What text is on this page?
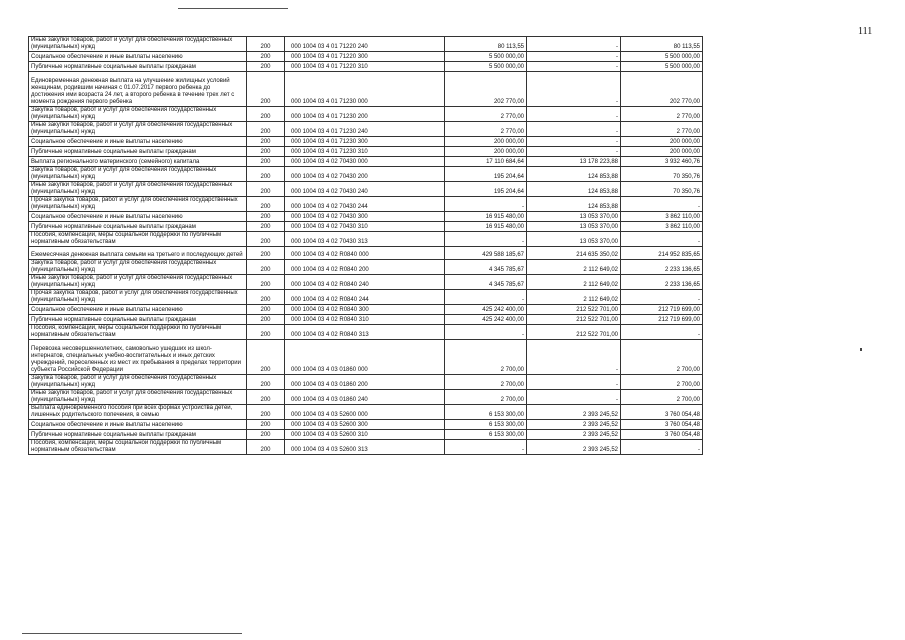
111
Иные закупки товаров, работ и услуг для обеспечения государственных (муниципальных) нужд	200	000 1004 03 4 01 71220 240	80 113,55	-	80 113,55
Социальное обеспечение и иные выплаты населению	200	000 1004 03 4 01 71220 300	5 500 000,00	-	5 500 000,00
Публичные нормативные социальные выплаты гражданам	200	000 1004 03 4 01 71220 310	5 500 000,00	-	5 500 000,00
Единовременная денежная выплата на улучшение жилищных условий женщинам, родившим начиная с 01.07.2017 первого ребенка до достижения ими возраста 24 лет, а второго ребенка в течение трех лет с момента рождения первого ребенка	200	000 1004 03 4 01 71230 000	202 770,00	-	202 770,00
Закупка товаров, работ и услуг для обеспечения государственных (муниципальных) нужд	200	000 1004 03 4 01 71230 200	2 770,00	-	2 770,00
Иные закупки товаров, работ и услуг для обеспечения государственных (муниципальных) нужд	200	000 1004 03 4 01 71230 240	2 770,00	-	2 770,00
Социальное обеспечение и иные выплаты населению	200	000 1004 03 4 01 71230 300	200 000,00	-	200 000,00
Публичные нормативные социальные выплаты гражданам	200	000 1004 03 4 01 71230 310	200 000,00	-	200 000,00
Выплата регионального материнского (семейного) капитала	200	000 1004 03 4 02 70430 000	17 110 684,64	13 178 223,88	3 932 460,76
Закупка товаров, работ и услуг для обеспечения государственных (муниципальных) нужд	200	000 1004 03 4 02 70430 200	195 204,64	124 853,88	70 350,76
Иные закупки товаров, работ и услуг для обеспечения государственных (муниципальных) нужд	200	000 1004 03 4 02 70430 240	195 204,64	124 853,88	70 350,76
Прочая закупка товаров, работ и услуг для обеспечения государственных (муниципальных) нужд	200	000 1004 03 4 02 70430 244	-	124 853,88	-
Социальное обеспечение и иные выплаты населению	200	000 1004 03 4 02 70430 300	16 915 480,00	13 053 370,00	3 862 110,00
Публичные нормативные социальные выплаты гражданам	200	000 1004 03 4 02 70430 310	16 915 480,00	13 053 370,00	3 862 110,00
Пособия, компенсации, меры социальной поддержки по публичным нормативным обязательствам	200	000 1004 03 4 02 70430 313	-	13 053 370,00	-
Ежемесячная денежная выплата семьям на третьего и последующих детей	200	000 1004 03 4 02 R0840 000	429 588 185,67	214 635 350,02	214 952 835,65
Закупка товаров, работ и услуг для обеспечения государственных (муниципальных) нужд	200	000 1004 03 4 02 R0840 200	4 345 785,67	2 112 649,02	2 233 136,65
Иные закупки товаров, работ и услуг для обеспечения государственных (муниципальных) нужд	200	000 1004 03 4 02 R0840 240	4 345 785,67	2 112 649,02	2 233 136,65
Прочая закупка товаров, работ и услуг для обеспечения государственных (муниципальных) нужд	200	000 1004 03 4 02 R0840 244	-	2 112 649,02	-
Социальное обеспечение и иные выплаты населению	200	000 1004 03 4 02 R0840 300	425 242 400,00	212 522 701,00	212 719 699,00
Публичные нормативные социальные выплаты гражданам	200	000 1004 03 4 02 R0840 310	425 242 400,00	212 522 701,00	212 719 699,00
Пособия, компенсации, меры социальной поддержки по публичным нормативным обязательствам	200	000 1004 03 4 02 R0840 313	-	212 522 701,00	-
Перевозка несовершеннолетних, самовольно ушедших из школ-интернатов, специальных учебно-воспитательных и иных детских учреждений, переселенных из мест их пребывания в пределах территории субъекта Российской Федерации	200	000 1004 03 4 03 01860 000	2 700,00	-	2 700,00
Закупка товаров, работ и услуг для обеспечения государственных (муниципальных) нужд	200	000 1004 03 4 03 01860 200	2 700,00	-	2 700,00
Иные закупки товаров, работ и услуг для обеспечения государственных (муниципальных) нужд	200	000 1004 03 4 03 01860 240	2 700,00	-	2 700,00
Выплата единовременного пособия при всех формах устройства детей, лишенных родительского попечения, в семью	200	000 1004 03 4 03 52600 000	6 153 300,00	2 393 245,52	3 760 054,48
Социальное обеспечение и иные выплаты населению	200	000 1004 03 4 03 52600 300	6 153 300,00	2 393 245,52	3 760 054,48
Публичные нормативные социальные выплаты гражданам	200	000 1004 03 4 03 52600 310	6 153 300,00	2 393 245,52	3 760 054,48
Пособия, компенсации, меры социальной поддержки по публичным нормативным обязательствам	200	000 1004 03 4 03 52600 313	-	2 393 245,52	-
